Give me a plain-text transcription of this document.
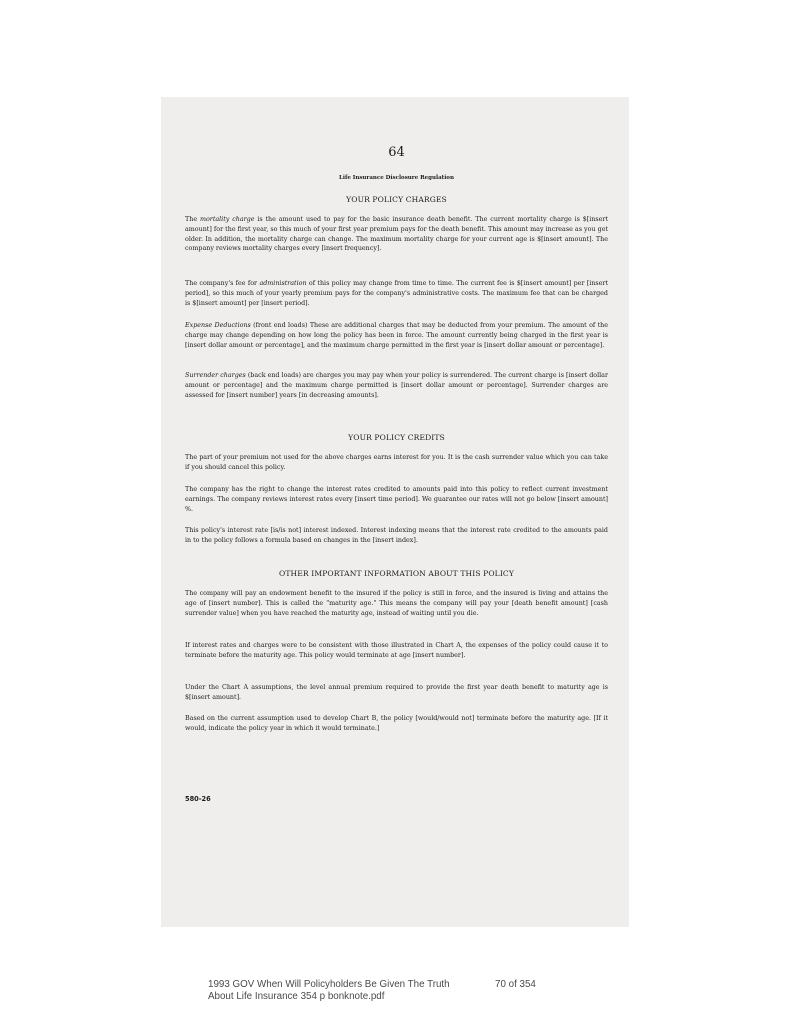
64
Life Insurance Disclosure Regulation
YOUR POLICY CHARGES

The mortality charge is the amount used to pay for the basic insurance death benefit. The current mortality charge is $[insert amount] for the first year, so this much of your first year premium pays for the death benefit. This amount may increase as you get older. In addition, the mortality charge can change. The maximum mortality charge for your current age is $[insert amount]. The company reviews mortality charges every [insert frequency].

The company's fee for administration of this policy may change from time to time. The current fee is $[insert amount] per [insert period], so this much of your yearly premium pays for the company's administrative costs. The maximum fee that can be charged is $[insert amount] per [insert period].

Expense Deductions (front end loads) These are additional charges that may be deducted from your premium. The amount of the charge may change depending on how long the policy has been in force. The amount currently being charged in the first year is [insert dollar amount or percentage], and the maximum charge permitted in the first year is [insert dollar amount or percentage].

Surrender charges (back end loads) are charges you may pay when your policy is surrendered. The current charge is [insert dollar amount or percentage] and the maximum charge permitted is [insert dollar amount or percentage]. Surrender charges are assessed for [insert number] years [in decreasing amounts].

YOUR POLICY CREDITS

The part of your premium not used for the above charges earns interest for you. It is the cash surrender value which you can take if you should cancel this policy.

The company has the right to change the interest rates credited to amounts paid into this policy to reflect current investment earnings. The company reviews interest rates every [insert time period]. We guarantee our rates will not go below [insert amount] %.

This policy's interest rate [is/is not] interest indexed. Interest indexing means that the interest rate credited to the amounts paid in to the policy follows a formula based on changes in the [insert index].

OTHER IMPORTANT INFORMATION ABOUT THIS POLICY

The company will pay an endowment benefit to the insured if the policy is still in force, and the insured is living and attains the age of [insert number]. This is called the "maturity age." This means the company will pay your [death benefit amount] [cash surrender value] when you have reached the maturity age, instead of waiting until you die.

If interest rates and charges were to be consistent with those illustrated in Chart A, the expenses of the policy could cause it to terminate before the maturity age. This policy would terminate at age [insert number].

Under the Chart A assumptions, the level annual premium required to provide the first year death benefit to maturity age is $[insert amount].

Based on the current assumption used to develop Chart B, the policy [would/would not] terminate before the maturity age. [If it would, indicate the policy year in which it would terminate.]

580-26
1993 GOV When Will Policyholders Be Given The Truth
About Life Insurance 354 p bonknote.pdf
70 of 354
